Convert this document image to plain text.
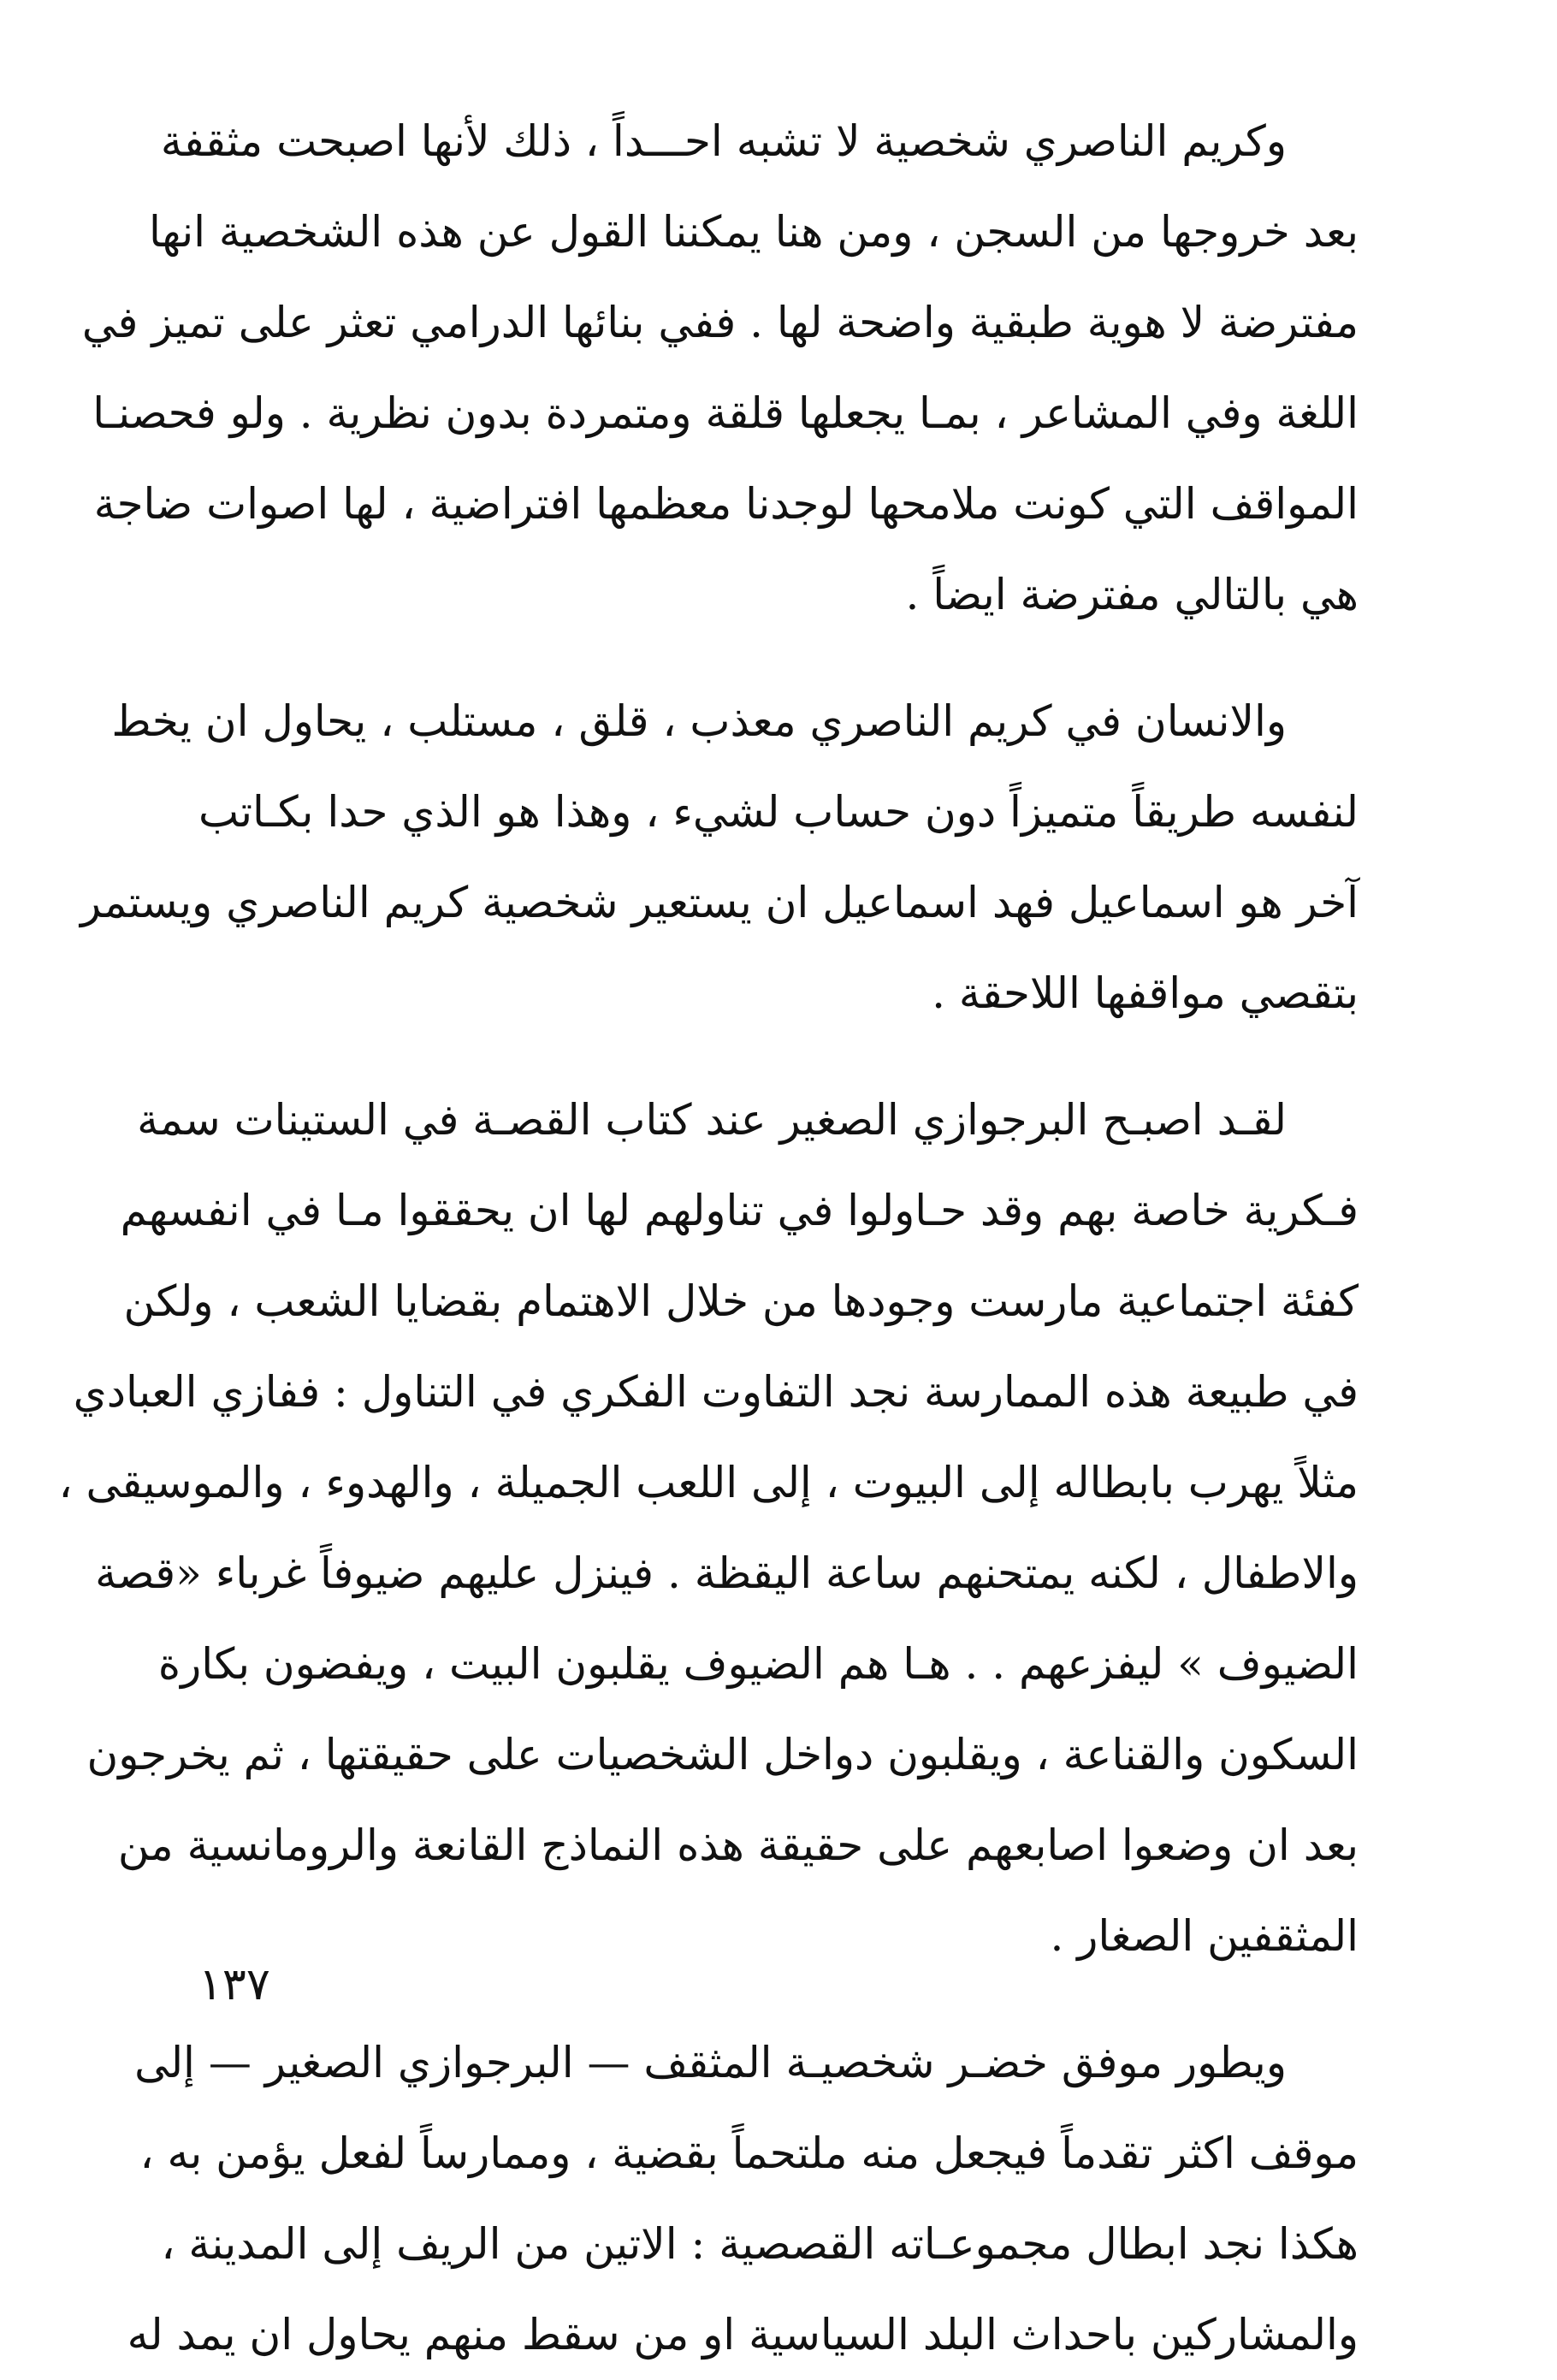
وكريم الناصري شخصية لا تشبه احـــداً ، ذلك لأنها اصبحت مثقفة
بعد خروجها من السجن ، ومن هنا يمكننا القول عن هذه الشخصية انها
مفترضة لا هوية طبقية واضحة لها . ففي بنائها الدرامي تعثر على تميز في
اللغة وفي المشاعر ، بمـا يجعلها قلقة ومتمردة بدون نظرية . ولو فحصنـا
المواقف التي كونت ملامحها لوجدنا معظمها افتراضية ، لها اصوات ضاجة
هي بالتالي مفترضة ايضاً .

والانسان في كريم الناصري معذب ، قلق ، مستلب ، يحاول ان يخط
لنفسه طريقاً متميزاً دون حساب لشيء ، وهذا هو الذي حدا بكـاتب
آخر هو اسماعيل فهد اسماعيل ان يستعير شخصية كريم الناصري ويستمر
بتقصي مواقفها اللاحقة .

لقـد اصبـح البرجوازي الصغير عند كتاب القصـة في الستينات سمة
فـكرية خاصة بهم وقد حـاولوا في تناولهم لها ان يحققوا مـا في انفسهم
كفئة اجتماعية مارست وجودها من خلال الاهتمام بقضايا الشعب ، ولكن
في طبيعة هذه الممارسة نجد التفاوت الفكري في التناول : ففازي العبادي
مثلاً يهرب بابطاله إلى البيوت ، إلى اللعب الجميلة ، والهدوء ، والموسيقى ،
والاطفال ، لكنه يمتحنهم ساعة اليقظة . فينزل عليهم ضيوفاً غرباء «قصة
الضيوف » ليفزعهم . . هـا هم الضيوف يقلبون البيت ، ويفضون بكارة
السكون والقناعة ، ويقلبون دواخل الشخصيات على حقيقتها ، ثم يخرجون
بعد ان وضعوا اصابعهم على حقيقة هذه النماذج القانعة والرومانسية من
المثقفين الصغار .

ويطور موفق خضـر شخصيـة المثقف — البرجوازي الصغير — إلى
موقف اكثر تقدماً فيجعل منه ملتحماً بقضية ، وممارساً لفعل يؤمن به ،
هكذا نجد ابطال مجموعـاته القصصية : الاتين من الريف إلى المدينة ،
والمشاركين باحداث البلد السياسية او من سقط منهم يحاول ان يمد له

١٣٧
